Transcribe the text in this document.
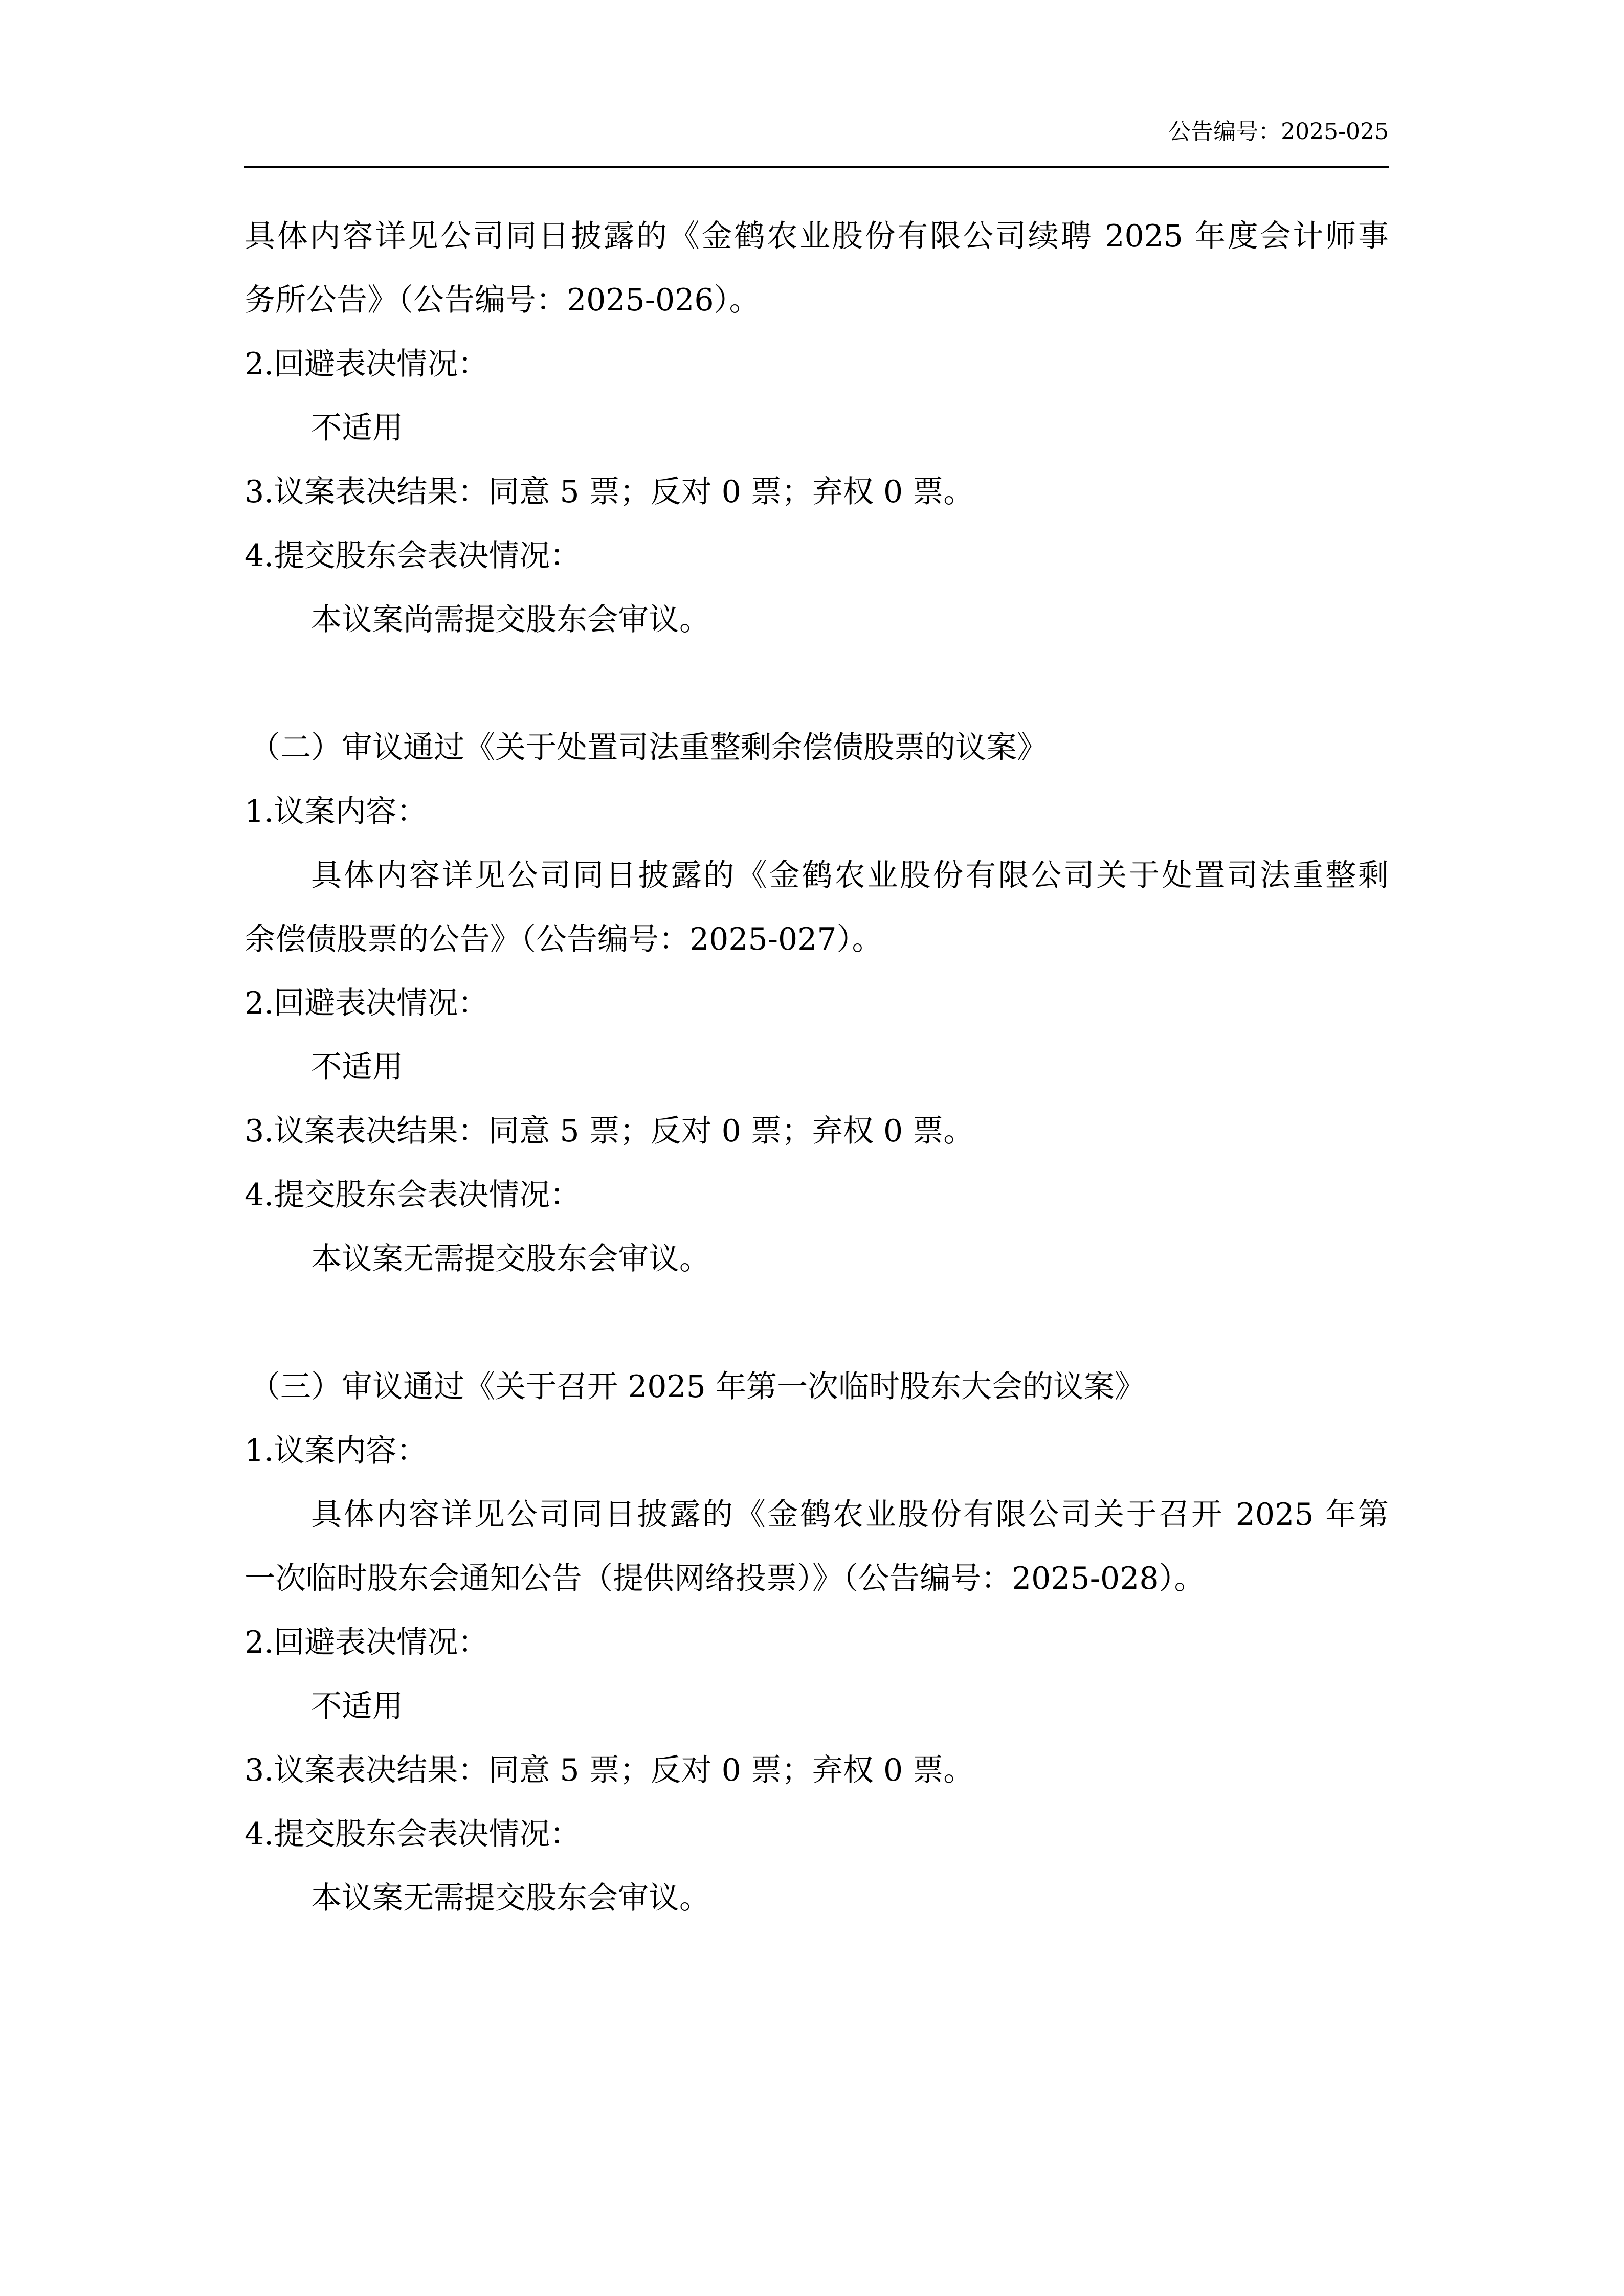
公告编号：2025-025
具体内容详见公司同日披露的《金鹤农业股份有限公司续聘 2025 年度会计师事
务所公告》（公告编号：2025-026）。
2.回避表决情况：
不适用
3.议案表决结果：同意 5 票；反对 0 票；弃权 0 票。
4.提交股东会表决情况：
本议案尚需提交股东会审议。
（二）审议通过《关于处置司法重整剩余偿债股票的议案》
1.议案内容：
具体内容详见公司同日披露的《金鹤农业股份有限公司关于处置司法重整剩
余偿债股票的公告》（公告编号：2025-027）。
2.回避表决情况：
不适用
3.议案表决结果：同意 5 票；反对 0 票；弃权 0 票。
4.提交股东会表决情况：
本议案无需提交股东会审议。
（三）审议通过《关于召开 2025 年第一次临时股东大会的议案》
1.议案内容：
具体内容详见公司同日披露的《金鹤农业股份有限公司关于召开 2025 年第
一次临时股东会通知公告（提供网络投票）》（公告编号：2025-028）。
2.回避表决情况：
不适用
3.议案表决结果：同意 5 票；反对 0 票；弃权 0 票。
4.提交股东会表决情况：
本议案无需提交股东会审议。
